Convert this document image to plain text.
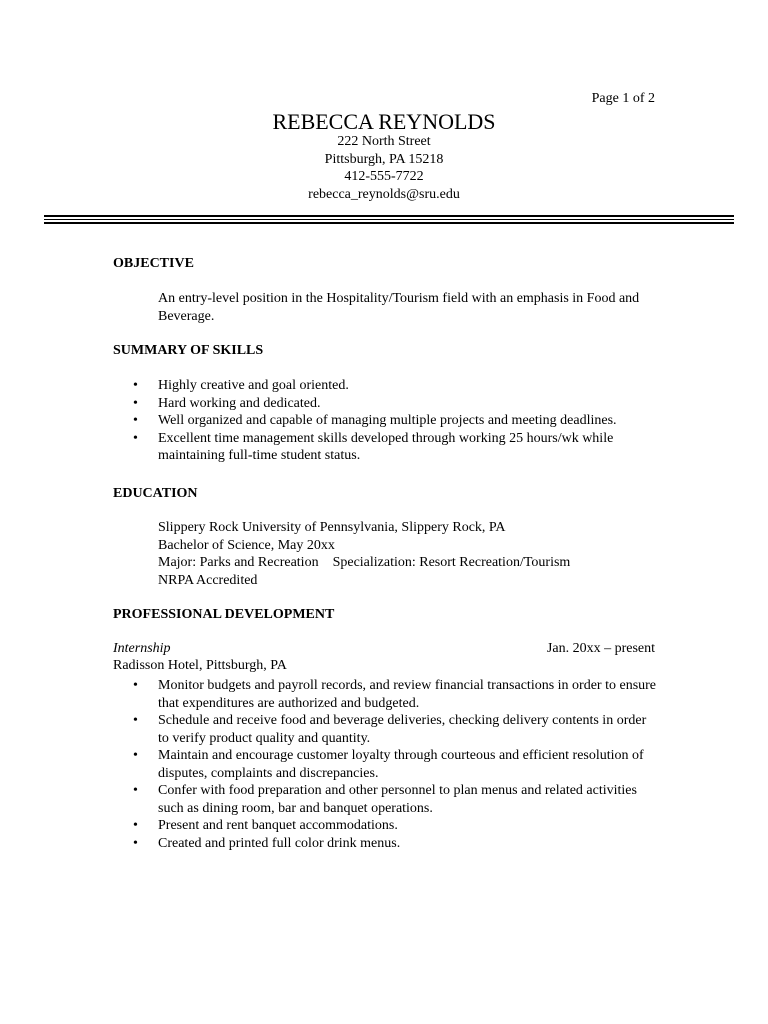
Page 1 of 2
REBECCA REYNOLDS
222 North Street
Pittsburgh, PA 15218
412-555-7722
rebecca_reynolds@sru.edu
OBJECTIVE
An entry-level position in the Hospitality/Tourism field with an emphasis in Food and Beverage.
SUMMARY OF SKILLS
• Highly creative and goal oriented.
• Hard working and dedicated.
• Well organized and capable of managing multiple projects and meeting deadlines.
• Excellent time management skills developed through working 25 hours/wk while maintaining full-time student status.
EDUCATION
Slippery Rock University of Pennsylvania, Slippery Rock, PA
Bachelor of Science, May 20xx
Major: Parks and Recreation    Specialization: Resort Recreation/Tourism
NRPA Accredited
PROFESSIONAL DEVELOPMENT
Internship	Jan. 20xx – present
Radisson Hotel, Pittsburgh, PA
• Monitor budgets and payroll records, and review financial transactions in order to ensure that expenditures are authorized and budgeted.
• Schedule and receive food and beverage deliveries, checking delivery contents in order to verify product quality and quantity.
• Maintain and encourage customer loyalty through courteous and efficient resolution of disputes, complaints and discrepancies.
• Confer with food preparation and other personnel to plan menus and related activities such as dining room, bar and banquet operations.
• Present and rent banquet accommodations.
• Created and printed full color drink menus.
